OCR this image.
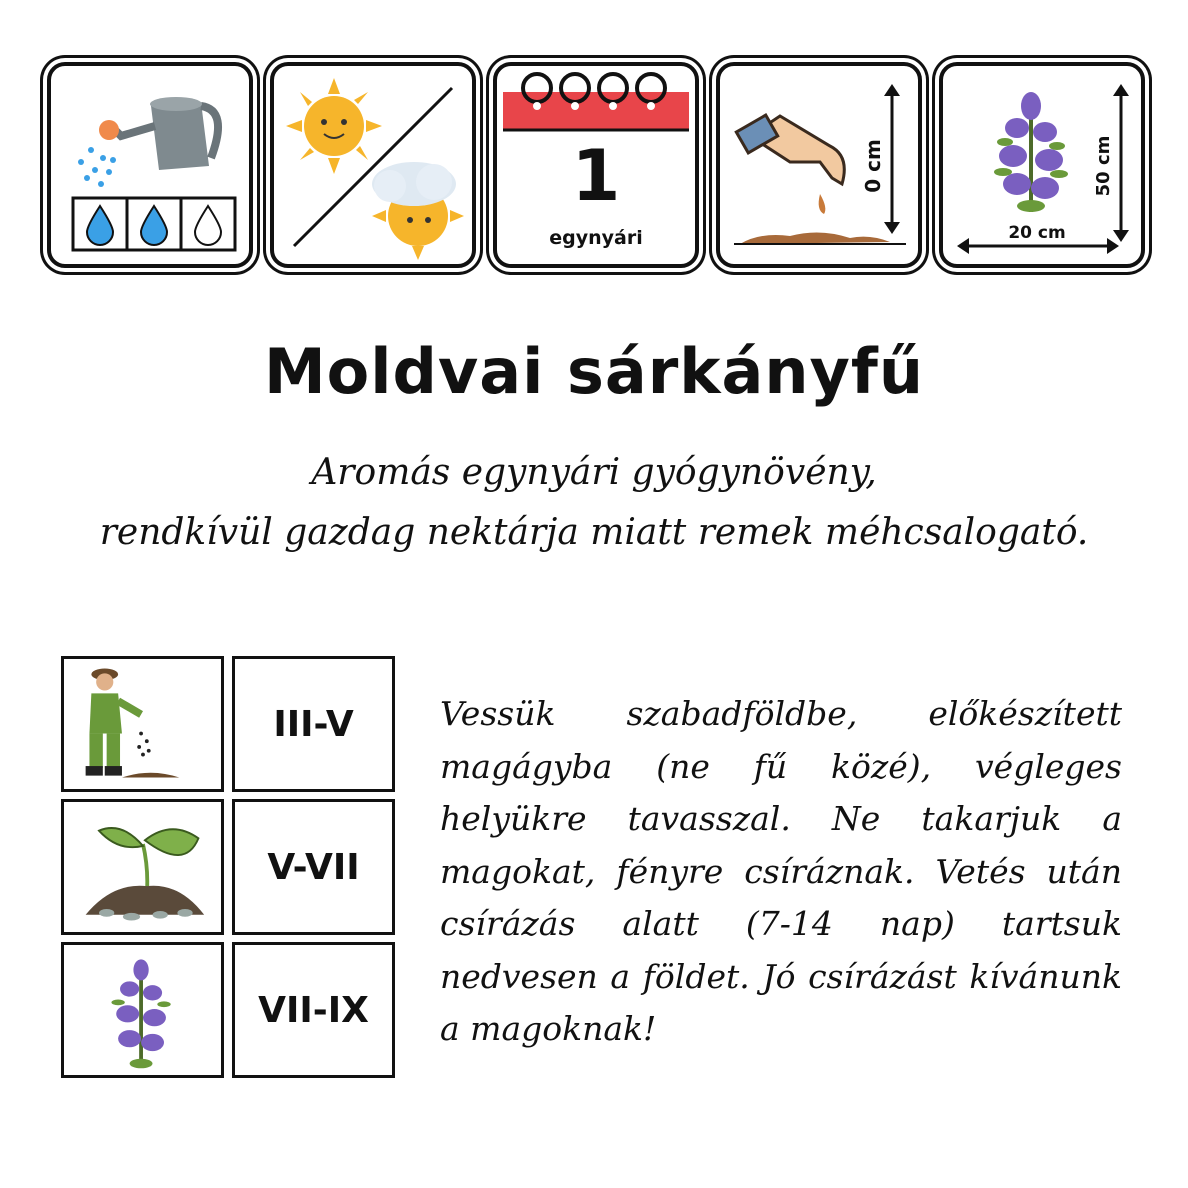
1
egynyári
0 cm	50 cm
20 cm
Moldvai sárkányfű
Aromás egynyári gyógynövény,
rendkívül gazdag nektárja miatt remek méhcsalogató.
III-V
V-VII
VII-IX
Vessük szabadföldbe, előkészített magágyba (ne fű közé), végleges helyükre tavasszal. Ne takarjuk a magokat, fényre csíráznak. Vetés után csírázás alatt (7-14 nap) tartsuk nedvesen a földet. Jó csírázást kívánunk a magoknak!
